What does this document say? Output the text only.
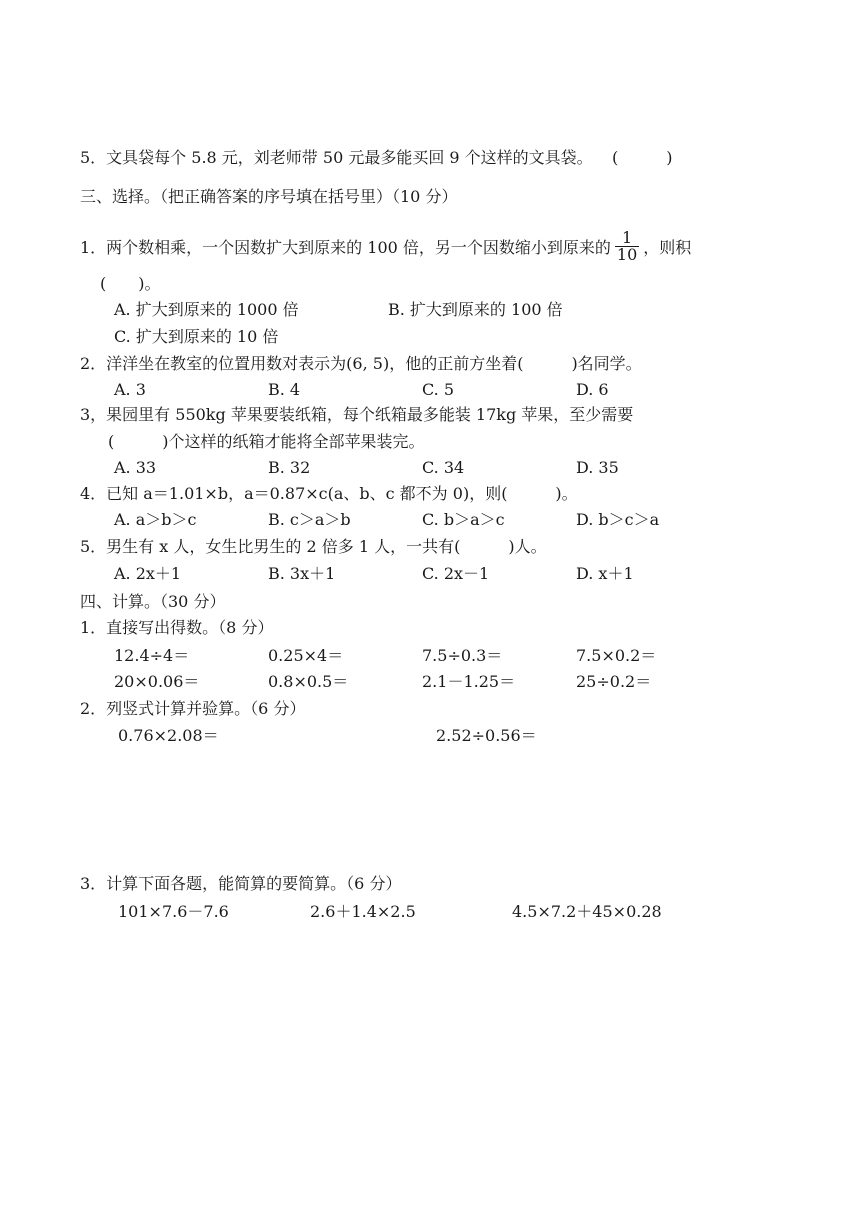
5．文具袋每个 5.8 元，刘老师带 50 元最多能买回 9 个这样的文具袋。 (　　　)
三、选择。（把正确答案的序号填在括号里）（10 分）
1．两个数相乘，一个因数扩大到原来的 100 倍，另一个因数缩小到原来的 $\frac{1}{10}$ ，则积
(　　)。
A. 扩大到原来的 1000 倍	B. 扩大到原来的 100 倍
C. 扩大到原来的 10 倍
2．洋洋坐在教室的位置用数对表示为(6, 5)，他的正前方坐着(　　　)名同学。
A. 3	B. 4	C. 5	D. 6
3，果园里有 550kg 苹果要装纸箱，每个纸箱最多能装 17kg 苹果，至少需要
(　　　)个这样的纸箱才能将全部苹果装完。
A. 33	B. 32	C. 34	D. 35
4．已知 a＝1.01×b，a＝0.87×c(a、b、c 都不为 0)，则(　　　)。
A. a＞b＞c	B. c＞a＞b	C. b＞a＞c	D. b＞c＞a
5．男生有 x 人，女生比男生的 2 倍多 1 人，一共有(　　　)人。
A. 2x＋1	B. 3x＋1	C. 2x－1	D. x＋1
四、计算。（30 分）
1．直接写出得数。（8 分）
12.4÷4＝	0.25×4＝	7.5÷0.3＝	7.5×0.2＝
20×0.06＝	0.8×0.5＝	2.1－1.25＝	25÷0.2＝
2．列竖式计算并验算。（6 分）
0.76×2.08＝	2.52÷0.56＝
3．计算下面各题，能简算的要简算。（6 分）
101×7.6－7.6	2.6＋1.4×2.5	4.5×7.2＋45×0.28
